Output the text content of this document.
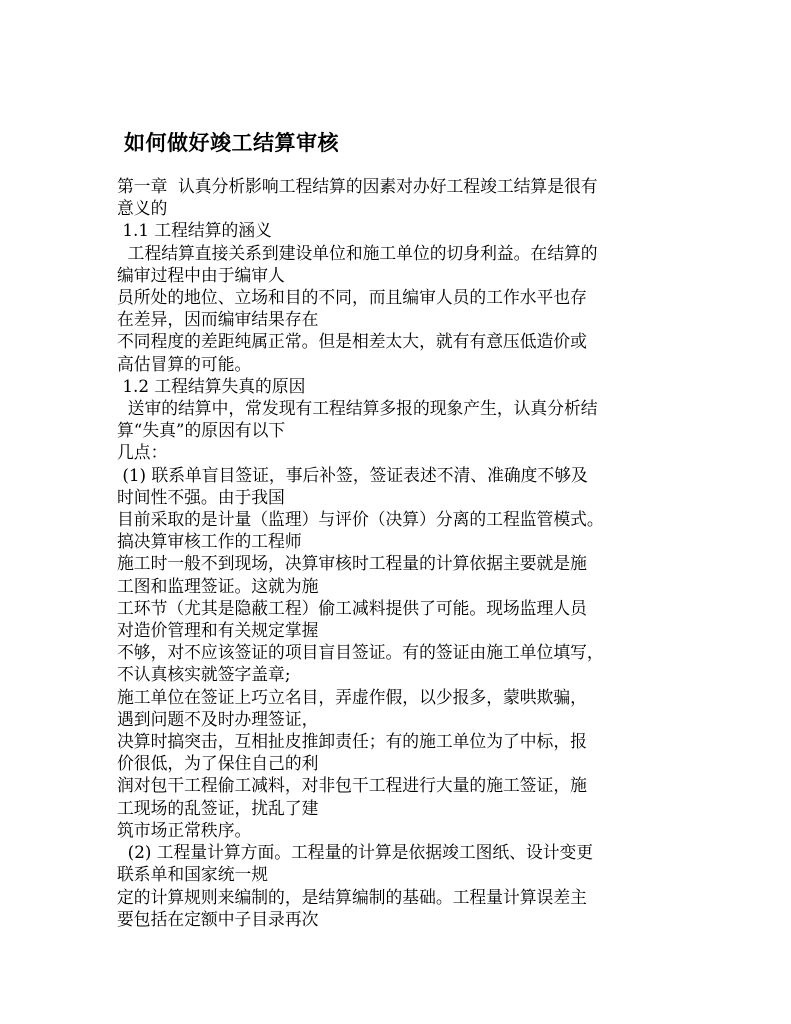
如何做好竣工结算审核

第一章  认真分析影响工程结算的因素对办好工程竣工结算是很有

意义的

1.1 工程结算的涵义

工程结算直接关系到建设单位和施工单位的切身利益。在结算的

编审过程中由于编审人

员所处的地位、立场和目的不同，而且编审人员的工作水平也存

在差异，因而编审结果存在

不同程度的差距纯属正常。但是相差太大，就有有意压低造价或

高估冒算的可能。

1.2 工程结算失真的原因

送审的结算中，常发现有工程结算多报的现象产生，认真分析结

算“失真”的原因有以下

几点：

(1) 联系单盲目签证，事后补签，签证表述不清、准确度不够及

时间性不强。由于我国

目前采取的是计量（监理）与评价（决算）分离的工程监管模式。

搞决算审核工作的工程师

施工时一般不到现场，决算审核时工程量的计算依据主要就是施

工图和监理签证。这就为施

工环节（尤其是隐蔽工程）偷工减料提供了可能。现场监理人员

对造价管理和有关规定掌握

不够，对不应该签证的项目盲目签证。有的签证由施工单位填写，

不认真核实就签字盖章;

施工单位在签证上巧立名目，弄虚作假，以少报多，蒙哄欺骗，

遇到问题不及时办理签证，

决算时搞突击，互相扯皮推卸责任；有的施工单位为了中标，报

价很低，为了保住自己的利

润对包干工程偷工减料，对非包干工程进行大量的施工签证，施

工现场的乱签证，扰乱了建

筑市场正常秩序。

(2) 工程量计算方面。工程量的计算是依据竣工图纸、设计变更

联系单和国家统一规

定的计算规则来编制的，是结算编制的基础。工程量计算误差主

要包括在定额中子目录再次
